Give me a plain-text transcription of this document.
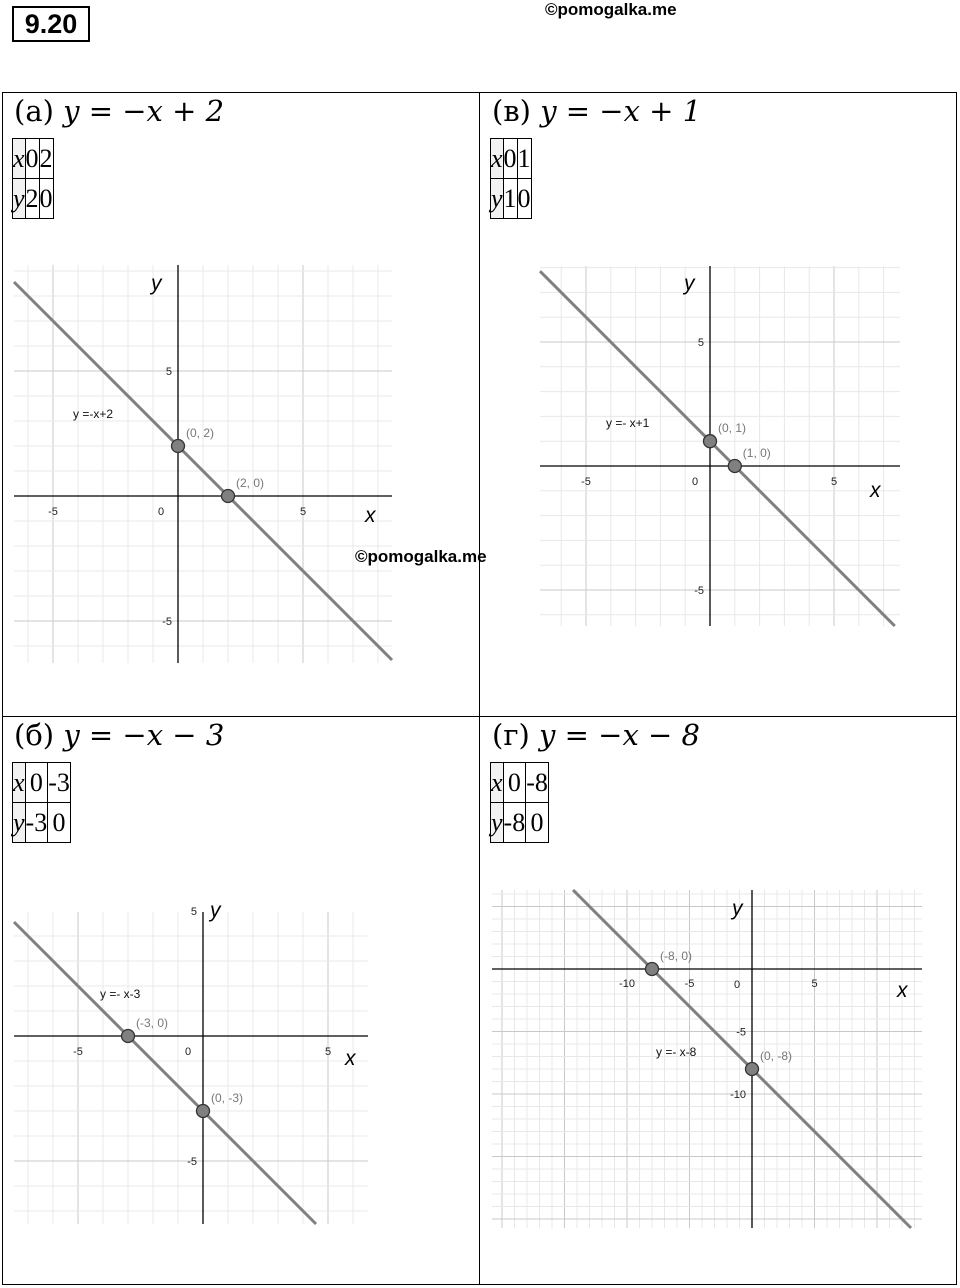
9.20	©pomogalka.me
(а) y = −x + 2
x	0	2
y	2	0
-5	5
5
-5
0	x
y
y =-x+2
(0, 2)
(2, 0)
(в) y = −x + 1
x	0	1
y	1	0
-5	5
5
-5
0	x
y
y =- x+1	(0, 1)
(1, 0)
(б) y = −x − 3
x	0	-3
y	-3	0
-5	5
5
-5
0	x
y
y =- x-3
(-3, 0)
(0, -3)
(г) y = −x − 8
x	0	-8
y	-8	0
-10	-5	5
-5
-10
0	x
y
y =- x-8
(-8, 0)
(0, -8)
©pomogalka.me
